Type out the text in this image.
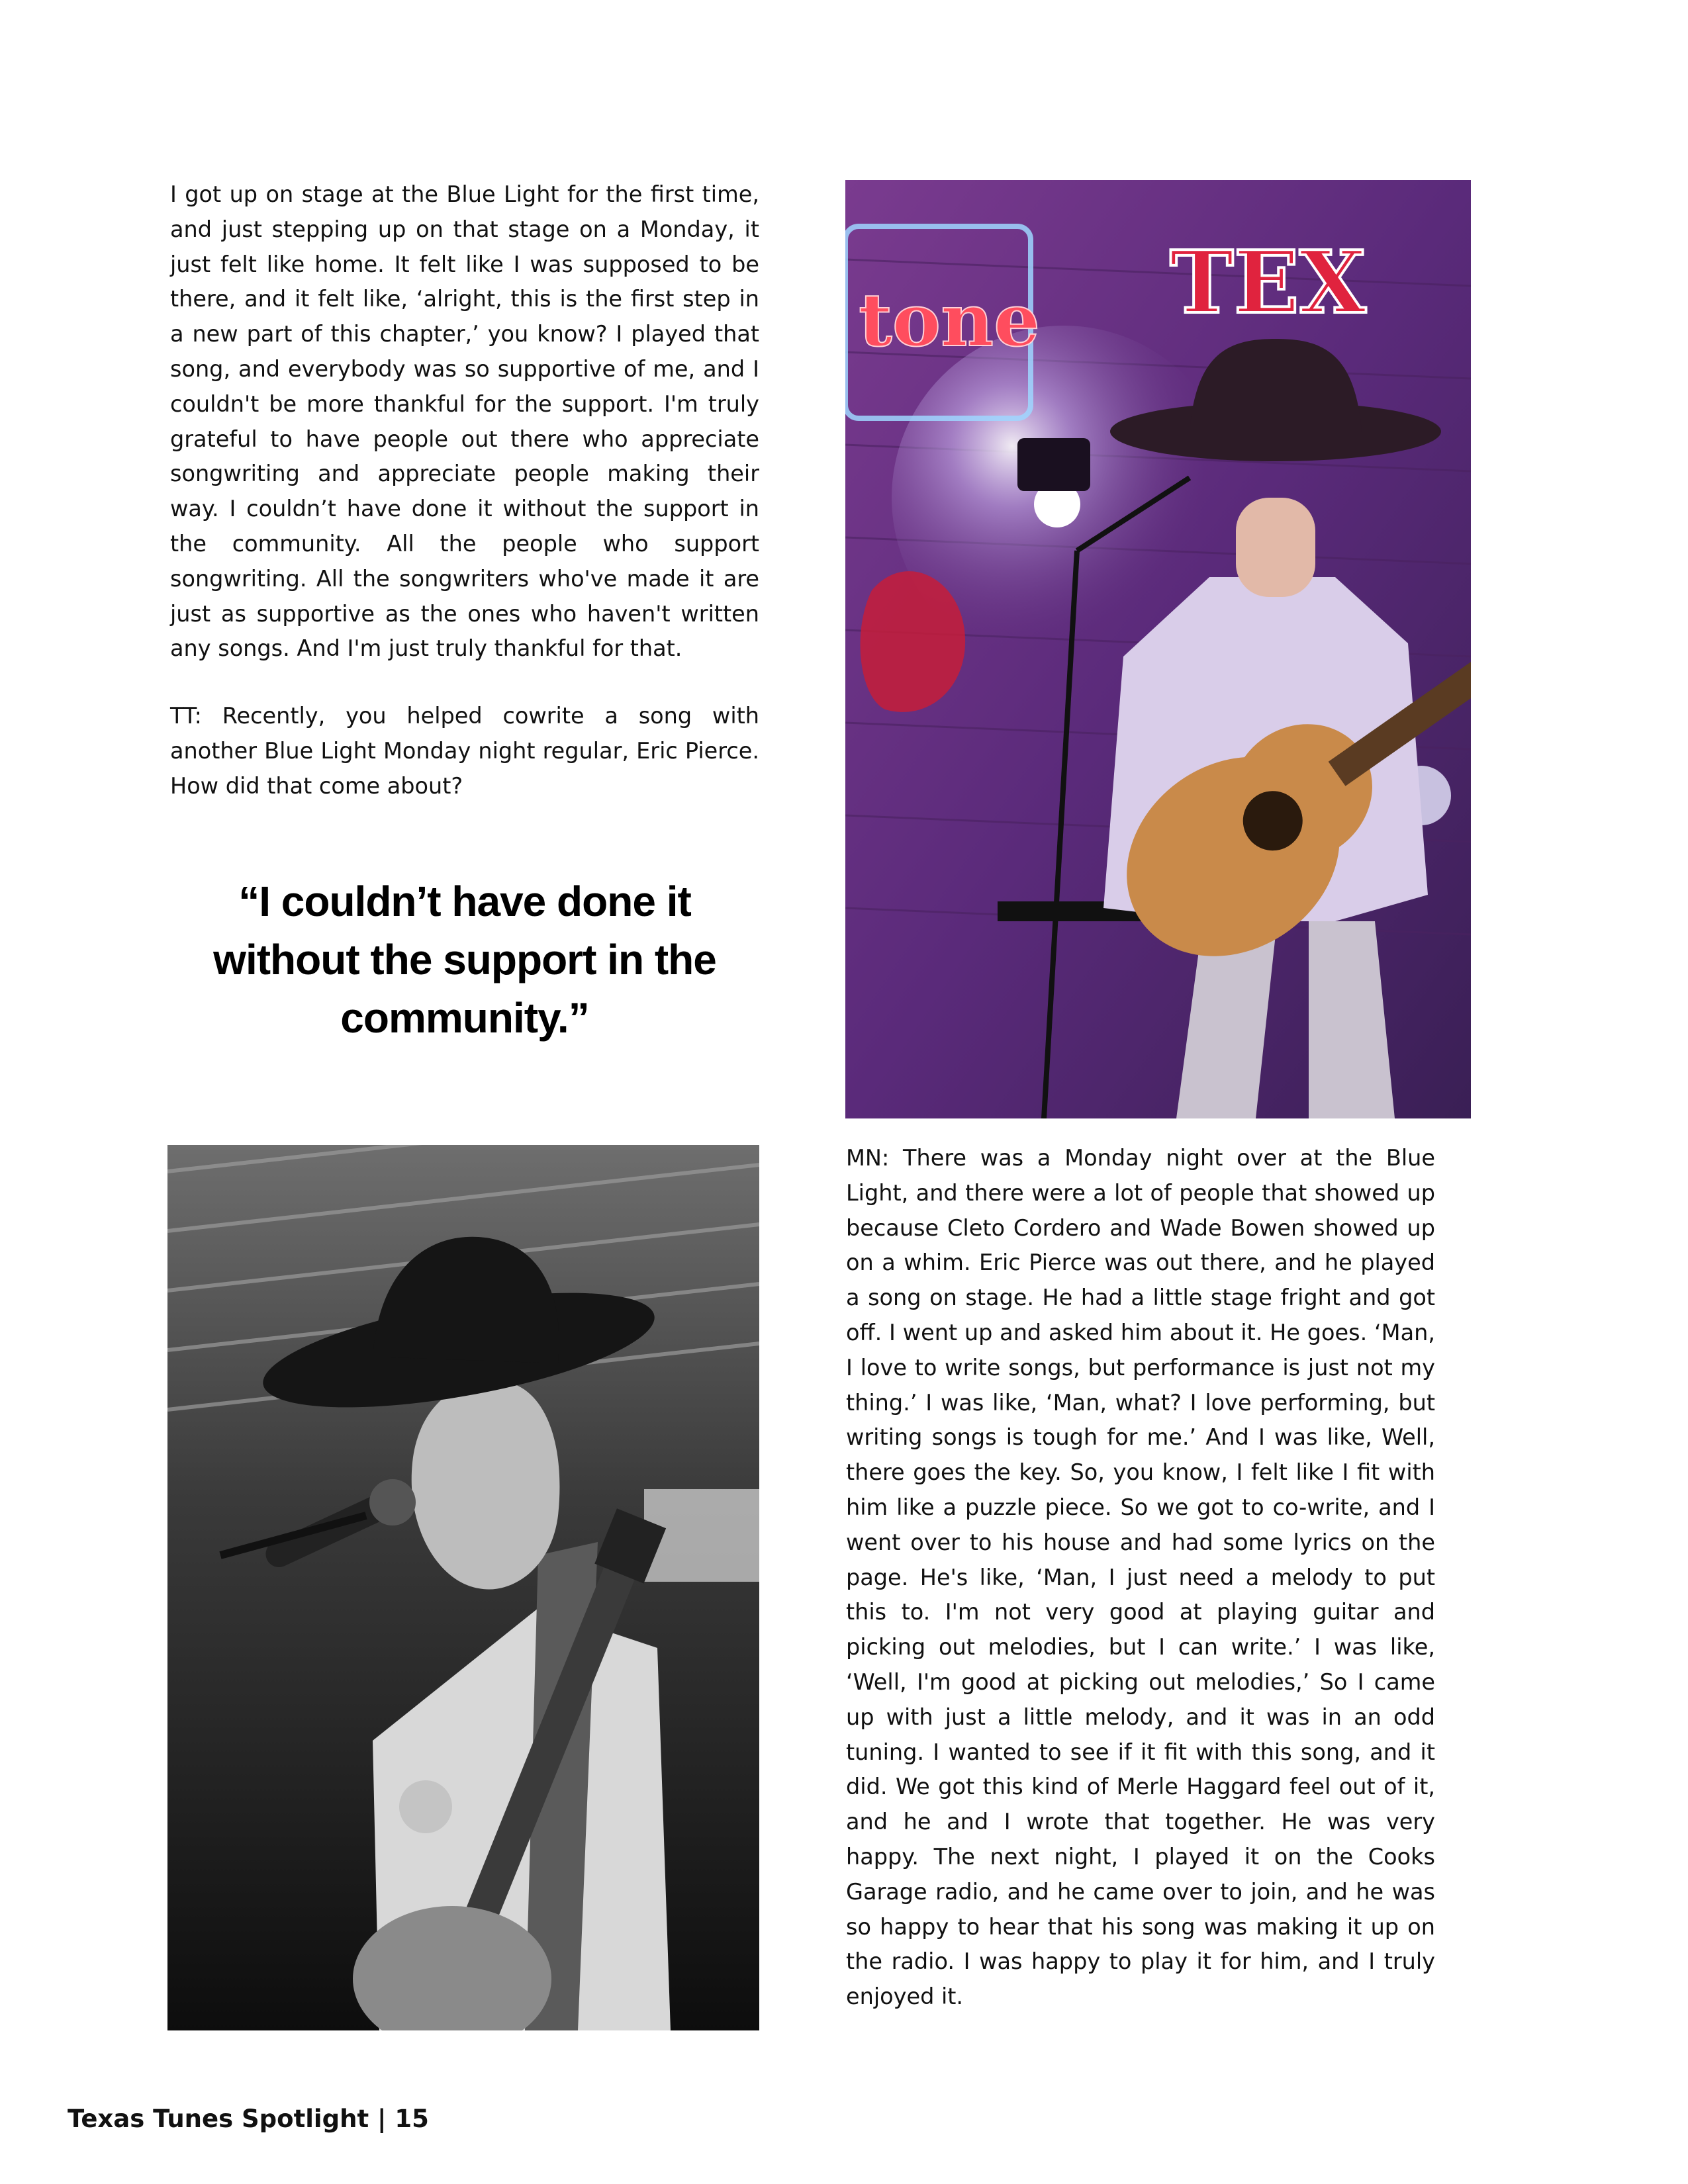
I got up on stage at the Blue Light for the first time, and just stepping up on that stage on a Monday, it just felt like home. It felt like I was supposed to be there, and it felt like, ‘alright, this is the first step in a new part of this chapter,’ you know? I played that song, and everybody was so supportive of me, and I couldn't be more thankful for the support. I'm truly grateful to have people out there who appreciate songwriting and appreciate people making their way. I couldn’t have done it without the support in the community. All the people who support songwriting. All the songwriters who've made it are just as supportive as the ones who haven't written any songs. And I'm just truly thankful for that.

TT: Recently, you helped cowrite a song with another Blue Light Monday night regular, Eric Pierce. How did that come about?

“I couldn’t have done it without the support in the community.”

tone TEX

MN: There was a Monday night over at the Blue Light, and there were a lot of people that showed up because Cleto Cordero and Wade Bowen showed up on a whim. Eric Pierce was out there, and he played a song on stage. He had a little stage fright and got off. I went up and asked him about it. He goes. ‘Man, I love to write songs, but performance is just not my thing.’ I was like, ‘Man, what? I love performing, but writing songs is tough for me.’ And I was like, Well, there goes the key. So, you know, I felt like I fit with him like a puzzle piece. So we got to co-write, and I went over to his house and had some lyrics on the page. He's like, ‘Man, I just need a melody to put this to. I'm not very good at playing guitar and picking out melodies, but I can write.’ I was like, ‘Well, I'm good at picking out melodies,’ So I came up with just a little melody, and it was in an odd tuning. I wanted to see if it fit with this song, and it did. We got this kind of Merle Haggard feel out of it, and he and I wrote that together. He was very happy. The next night, I played it on the Cooks Garage radio, and he came over to join, and he was so happy to hear that his song was making it up on the radio. I was happy to play it for him, and I truly enjoyed it.

Texas Tunes Spotlight | 15
